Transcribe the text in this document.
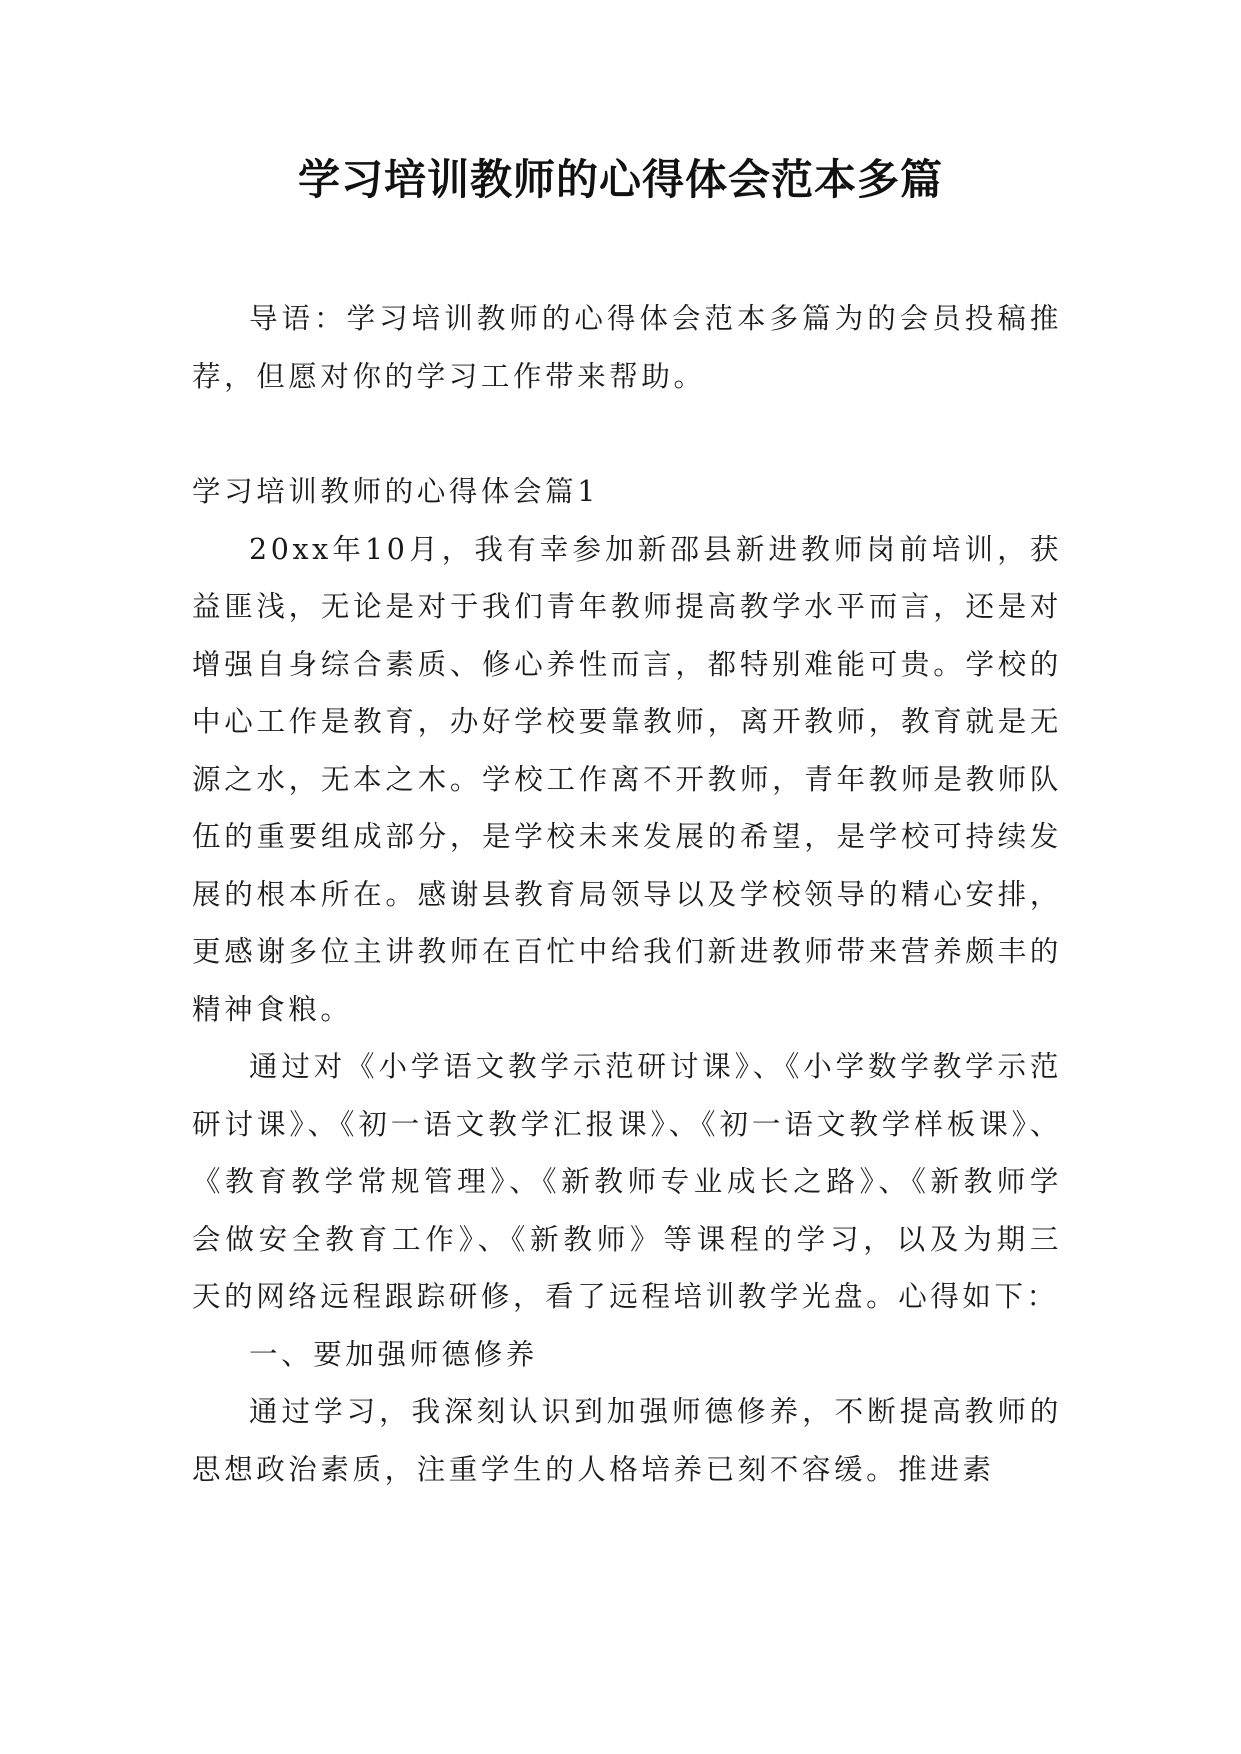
学习培训教师的心得体会范本多篇

导语：学习培训教师的心得体会范本多篇为的会员投稿推荐，但愿对你的学习工作带来帮助。

学习培训教师的心得体会篇1

20xx年10月，我有幸参加新邵县新进教师岗前培训，获益匪浅，无论是对于我们青年教师提高教学水平而言，还是对增强自身综合素质、修心养性而言，都特别难能可贵。学校的中心工作是教育，办好学校要靠教师，离开教师，教育就是无源之水，无本之木。学校工作离不开教师，青年教师是教师队伍的重要组成部分，是学校未来发展的希望，是学校可持续发展的根本所在。感谢县教育局领导以及学校领导的精心安排，更感谢多位主讲教师在百忙中给我们新进教师带来营养颇丰的精神食粮。

通过对《小学语文教学示范研讨课》、《小学数学教学示范研讨课》、《初一语文教学汇报课》、《初一语文教学样板课》、《教育教学常规管理》、《新教师专业成长之路》、《新教师学会做安全教育工作》、《新教师》等课程的学习，以及为期三天的网络远程跟踪研修，看了远程培训教学光盘。心得如下：

一、要加强师德修养

通过学习，我深刻认识到加强师德修养，不断提高教师的思想政治素质，注重学生的人格培养已刻不容缓。推进素
